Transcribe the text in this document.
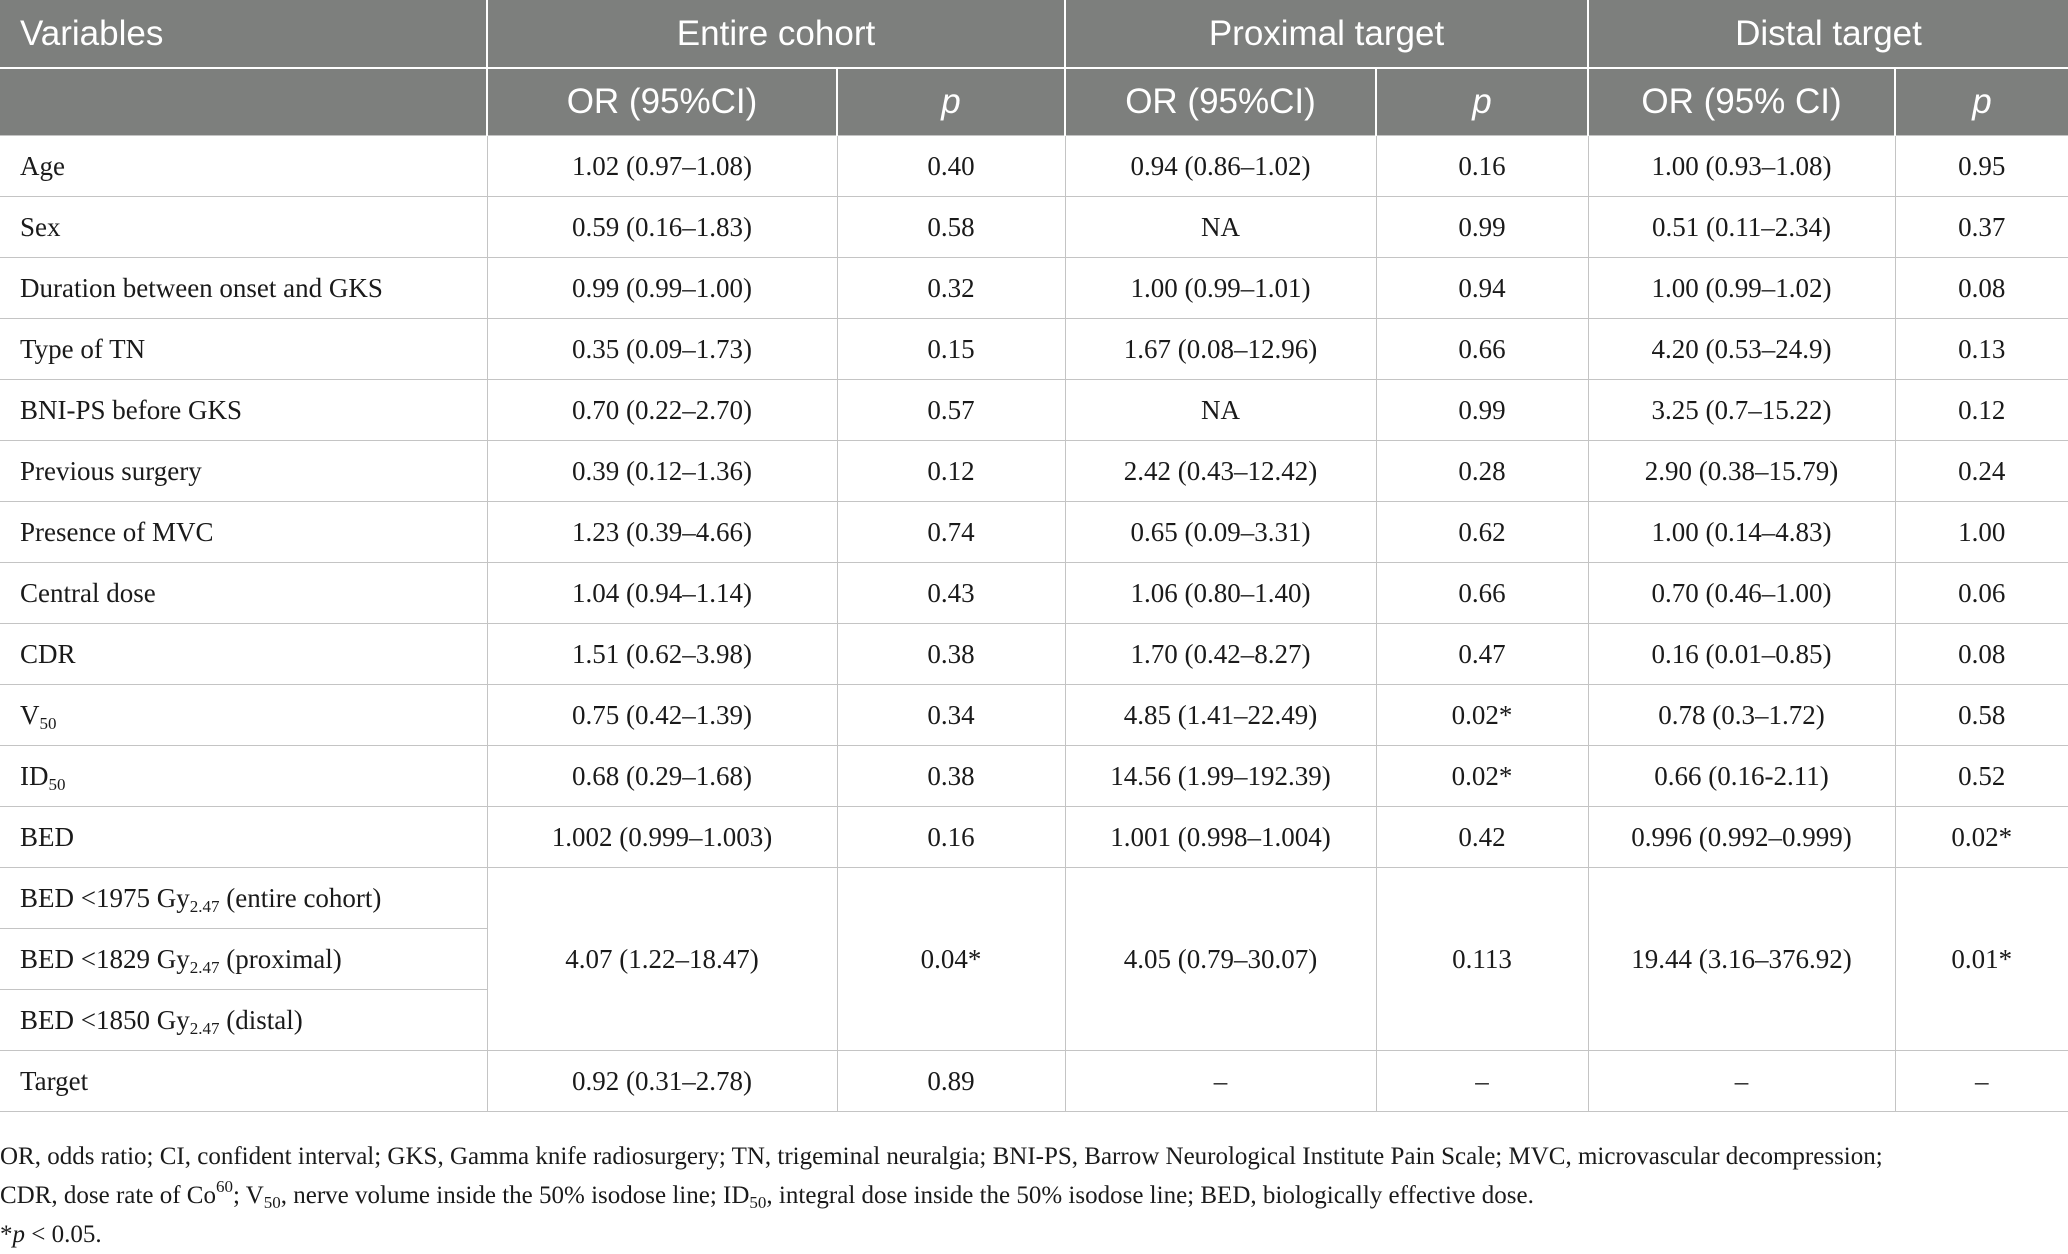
Variables	Entire cohort		Proximal target		Distal target	
	OR (95%CI)	p	OR (95%CI)	p	OR (95% CI)	p
Age	1.02 (0.97–1.08)	0.40	0.94 (0.86–1.02)	0.16	1.00 (0.93–1.08)	0.95
Sex	0.59 (0.16–1.83)	0.58	NA	0.99	0.51 (0.11–2.34)	0.37
Duration between onset and GKS	0.99 (0.99–1.00)	0.32	1.00 (0.99–1.01)	0.94	1.00 (0.99–1.02)	0.08
Type of TN	0.35 (0.09–1.73)	0.15	1.67 (0.08–12.96)	0.66	4.20 (0.53–24.9)	0.13
BNI-PS before GKS	0.70 (0.22–2.70)	0.57	NA	0.99	3.25 (0.7–15.22)	0.12
Previous surgery	0.39 (0.12–1.36)	0.12	2.42 (0.43–12.42)	0.28	2.90 (0.38–15.79)	0.24
Presence of MVC	1.23 (0.39–4.66)	0.74	0.65 (0.09–3.31)	0.62	1.00 (0.14–4.83)	1.00
Central dose	1.04 (0.94–1.14)	0.43	1.06 (0.80–1.40)	0.66	0.70 (0.46–1.00)	0.06
CDR	1.51 (0.62–3.98)	0.38	1.70 (0.42–8.27)	0.47	0.16 (0.01–0.85)	0.08
$V_{50}$	0.75 (0.42–1.39)	0.34	4.85 (1.41–22.49)	0.02*	0.78 (0.3–1.72)	0.58
$ID_{50}$	0.68 (0.29–1.68)	0.38	14.56 (1.99–192.39)	0.02*	0.66 (0.16-2.11)	0.52
BED	1.002 (0.999–1.003)	0.16	1.001 (0.998–1.004)	0.42	0.996 (0.992–0.999)	0.02*
BED <1975 $Gy_{2.47}$ (entire cohort)	4.07 (1.22–18.47)	0.04*	4.05 (0.79–30.07)	0.113	19.44 (3.16–376.92)	0.01*
BED <1829 $Gy_{2.47}$ (proximal)						
BED <1850 $Gy_{2.47}$ (distal)						
Target	0.92 (0.31–2.78)	0.89	–	–	–	–

OR, odds ratio; CI, confident interval; GKS, Gamma knife radiosurgery; TN, trigeminal neuralgia; BNI-PS, Barrow Neurological Institute Pain Scale; MVC, microvascular decompression;

CDR, dose rate of Co$^{60}$; $V_{50}$, nerve volume inside the 50% isodose line; $ID_{50}$, integral dose inside the 50% isodose line; BED, biologically effective dose.

*p < 0.05.
